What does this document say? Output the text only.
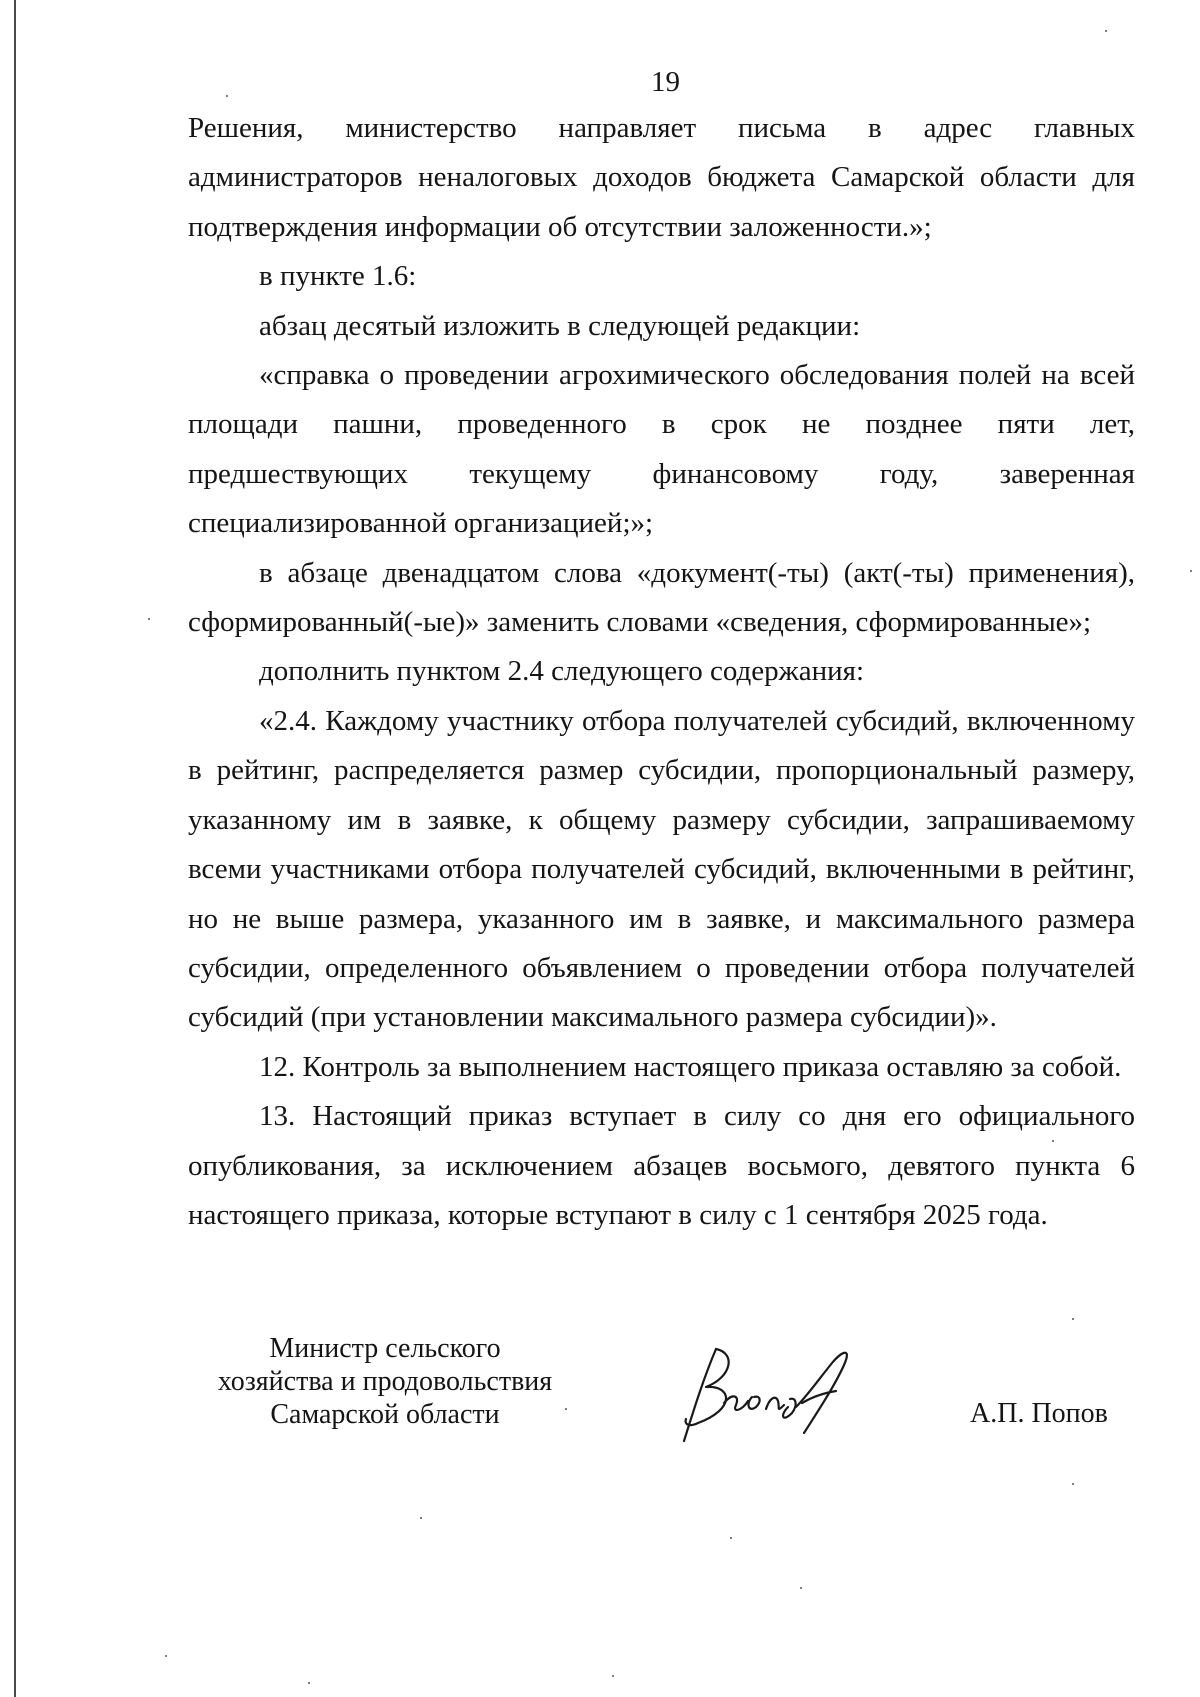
19

Решения, министерство направляет письма в адрес главных администраторов неналоговых доходов бюджета Самарской области для подтверждения информации об отсутствии заложенности.»;

в пункте 1.6:

абзац десятый изложить в следующей редакции:

«справка о проведении агрохимического обследования полей на всей площади пашни, проведенного в срок не позднее пяти лет, предшествующих текущему финансовому году, заверенная специализированной организацией;»;

в абзаце двенадцатом слова «документ(-ты) (акт(-ты) применения), сформированный(-ые)» заменить словами «сведения, сформированные»;

дополнить пунктом 2.4 следующего содержания:

«2.4. Каждому участнику отбора получателей субсидий, включенному в рейтинг, распределяется размер субсидии, пропорциональный размеру, указанному им в заявке, к общему размеру субсидии, запрашиваемому всеми участниками отбора получателей субсидий, включенными в рейтинг, но не выше размера, указанного им в заявке, и максимального размера субсидии, определенного объявлением о проведении отбора получателей субсидий (при установлении максимального размера субсидии)».

12. Контроль за выполнением настоящего приказа оставляю за собой.

13. Настоящий приказ вступает в силу со дня его официального опубликования, за исключением абзацев восьмого, девятого пункта 6 настоящего приказа, которые вступают в силу с 1 сентября 2025 года.

Министр сельского
хозяйства и продовольствия
Самарской области	А.П. Попов
